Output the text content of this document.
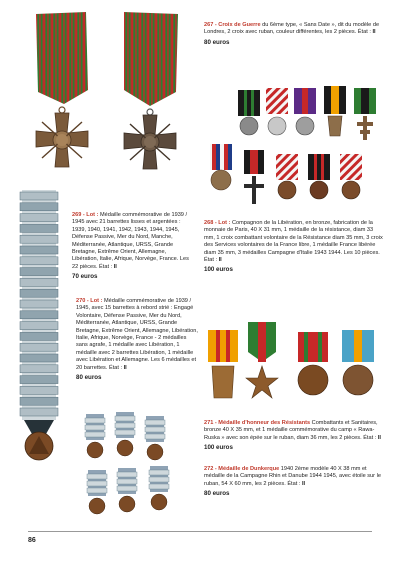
267 - Croix de Guerre du 6ème type, « Sans Date », dit du modèle de Londres, 2 croix avec ruban, couleur différentes, les 2 pièces. État : II
80 euros
269 - Lot : Médaille commémorative de 1939 / 1945 avec 21 barrettes lisses et argentées : 1939, 1940, 1941, 1942, 1943, 1944, 1945, Défense Passive, Mer du Nord, Manche, Méditerranée, Atlantique, URSS, Grande Bretagne, Extrême Orient, Allemagne, Libération, Italie, Afrique, Norvège, France. Les 22 pièces. État : II
70 euros
268 - Lot : Compagnon de la Libération, en bronze, fabrication de la monnaie de Paris, 40 X 31 mm, 1 médaille de la résistance, diam 33 mm, 1 croix combattant volontaire de la Résistance diam 35 mm, 3 croix des Services volontaires de la France libre, 1 médaille France libérée diam 35 mm, 3 médailles Campagne d'Italie 1943 1944. Les 10 pièces. État : II
100 euros
270 - Lot : Médaille commémorative de 1939 / 1945, avec 15 barrettes à rebord strié : Engagé Volontaire, Défense Passive, Mer du Nord, Méditerranée, Atlantique, URSS, Grande Bretagne, Extrême Orient, Allemagne, Libération, Italie, Afrique, Norvège, France - 2 médailles sans agrafe, 1 médaille avec Libération, 1 médaille avec 2 barrettes Libération, 1 médaille avec Libération et Allemagne. Les 6 médailles et 20 barrettes. État : II
80 euros
271 - Médaille d'honneur des Résistants Combattants et Sanitaires, bronze 40 X 35 mm, et 1 médaille commémorative du camp « Rawa-Ruska » avec son épée sur le ruban, diam 36 mm, les 2 pièces. État : II
100 euros
272 - Médaille de Dunkerque 1940 2ème modèle 40 X 38 mm et médaille de la Campagne Rhin et Danube 1944 1945, avec étoile sur le ruban, 54 X 60 mm, les 2 pièces. État : II
80 euros
86
